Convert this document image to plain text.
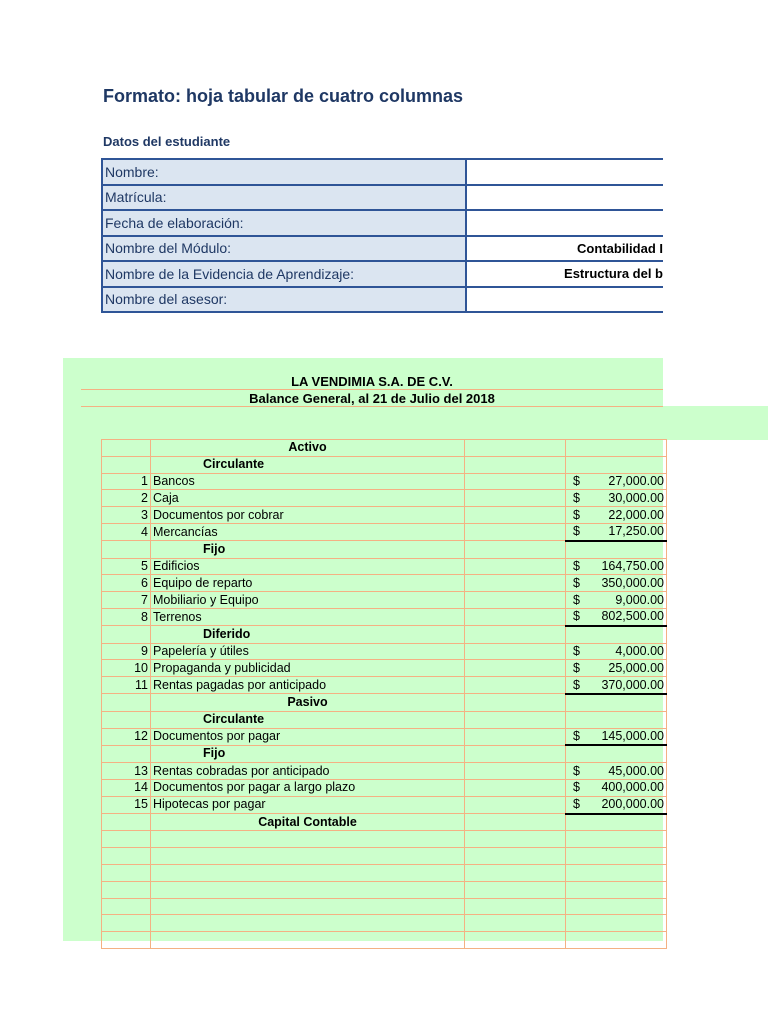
Formato: hoja tabular de cuatro columnas
Datos del estudiante
Nombre:	
Matrícula:	
Fecha de elaboración:	
Nombre del Módulo:	Contabilidad I
Nombre de la Evidencia de Aprendizaje:	Estructura del b
Nombre del asesor:	
LA VENDIMIA S.A. DE C.V.
Balance General, al 21 de Julio del 2018
	Activo		
	Circulante		
1	Bancos		$ 27,000.00

2	Caja		$ 30,000.00

3	Documentos por cobrar		$ 22,000.00

4	Mercancías		$ 17,250.00

	Fijo		
5	Edificios		$ 164,750.00

6	Equipo de reparto		$ 350,000.00

7	Mobiliario y Equipo		$ 9,000.00

8	Terrenos		$ 802,500.00

	Diferido		
9	Papelería y útiles		$ 4,000.00

10	Propaganda y publicidad		$ 25,000.00

11	Rentas pagadas por anticipado		$ 370,000.00

	Pasivo		
	Circulante		
12	Documentos por pagar		$ 145,000.00

	Fijo		
13	Rentas cobradas por anticipado		$ 45,000.00

14	Documentos por pagar a largo plazo		$ 400,000.00

15	Hipotecas por pagar		$ 200,000.00

	Capital Contable		
